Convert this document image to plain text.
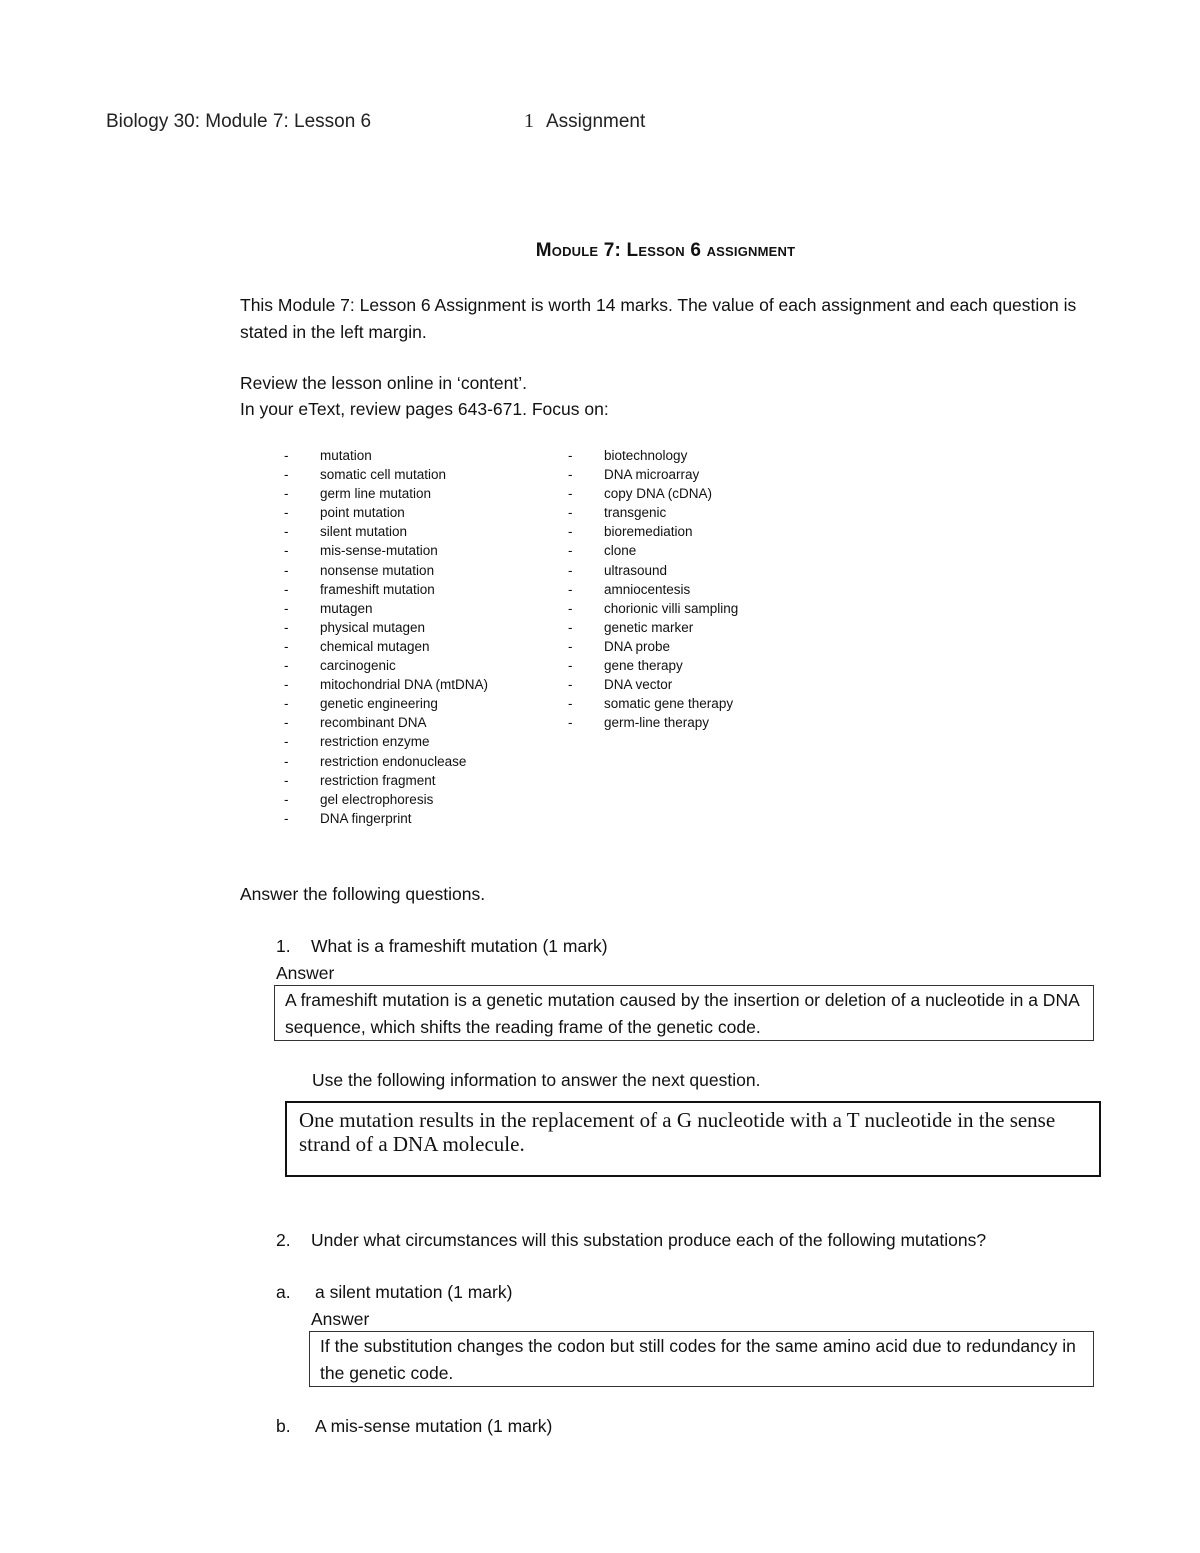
Biology 30: Module 7: Lesson 6	1 Assignment
Module 7: Lesson 6 assignment
This Module 7: Lesson 6 Assignment is worth 14 marks. The value of each assignment and each question is stated in the left margin.
Review the lesson online in ‘content’.
In your eText, review pages 643-671. Focus on:
- mutation
- somatic cell mutation
- germ line mutation
- point mutation
- silent mutation
- mis-sense-mutation
- nonsense mutation
- frameshift mutation
- mutagen
- physical mutagen
- chemical mutagen
- carcinogenic
- mitochondrial DNA (mtDNA)
- genetic engineering
- recombinant DNA
- restriction enzyme
- restriction endonuclease
- restriction fragment
- gel electrophoresis
- DNA fingerprint
- biotechnology
- DNA microarray
- copy DNA (cDNA)
- transgenic
- bioremediation
- clone
- ultrasound
- amniocentesis
- chorionic villi sampling
- genetic marker
- DNA probe
- gene therapy
- DNA vector
- somatic gene therapy
- germ-line therapy
Answer the following questions.
1. What is a frameshift mutation (1 mark)
Answer
A frameshift mutation is a genetic mutation caused by the insertion or deletion of a nucleotide in a DNA sequence, which shifts the reading frame of the genetic code.
Use the following information to answer the next question.
One mutation results in the replacement of a G nucleotide with a T nucleotide in the sense strand of a DNA molecule.
2. Under what circumstances will this substation produce each of the following mutations?
a. a silent mutation (1 mark)
Answer
If the substitution changes the codon but still codes for the same amino acid due to redundancy in the genetic code.
b. A mis-sense mutation (1 mark)
